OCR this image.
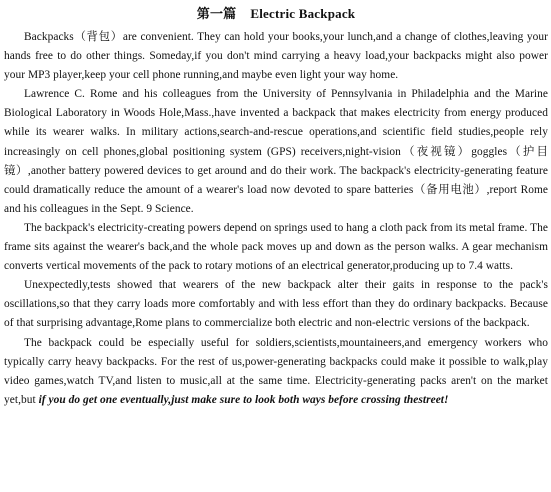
第一篇 Electric Backpack

Backpacks（背包）are convenient. They can hold your books,your lunch,and a change of clothes,leaving your hands free to do other things. Someday,if you don't mind carrying a heavy load,your backpacks might also power your MP3 player,keep your cell phone running,and maybe even light your way home.

Lawrence C. Rome and his colleagues from the University of Pennsylvania in Philadelphia and the Marine Biological Laboratory in Woods Hole,Mass.,have invented a backpack that makes electricity from energy produced while its wearer walks. In military actions,search-and-rescue operations,and scientific field studies,people rely increasingly on cell phones,global positioning system (GPS) receivers,night-vision（夜视镜）goggles（护目镜）,another battery powered devices to get around and do their work. The backpack's electricity-generating feature could dramatically reduce the amount of a wearer's load now devoted to spare batteries（备用电池）,report Rome and his colleagues in the Sept. 9 Science.

The backpack's electricity-creating powers depend on springs used to hang a cloth pack from its metal frame. The frame sits against the wearer's back,and the whole pack moves up and down as the person walks. A gear mechanism converts vertical movements of the pack to rotary motions of an electrical generator,producing up to 7.4 watts.

Unexpectedly,tests showed that wearers of the new backpack alter their gaits in response to the pack's oscillations,so that they carry loads more comfortably and with less effort than they do ordinary backpacks. Because of that surprising advantage,Rome plans to commercialize both electric and non-electric versions of the backpack.

The backpack could be especially useful for soldiers,scientists,mountaineers,and emergency workers who typically carry heavy backpacks. For the rest of us,power-generating backpacks could make it possible to walk,play video games,watch TV,and listen to music,all at the same time. Electricity-generating packs aren't on the market yet,but if you do get one eventually,just make sure to look both ways before crossing thestreet!
